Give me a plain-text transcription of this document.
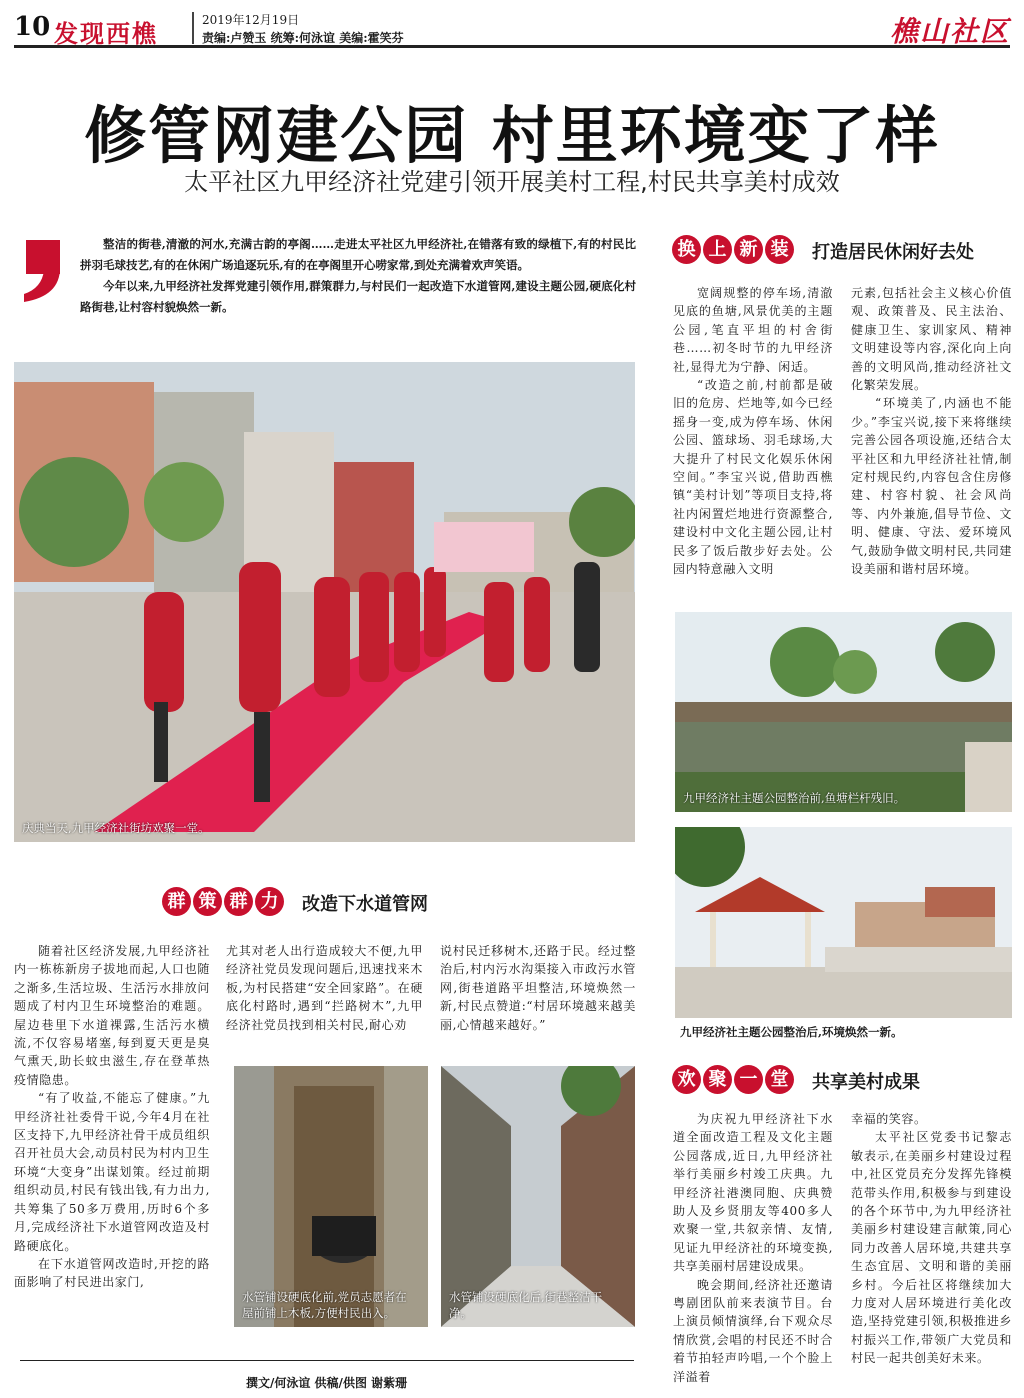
10 发现西樵	2019年12月19日
责编:卢赞玉 统筹:何泳谊 美编:霍笑芬	樵山社区
修管网建公园 村里环境变了样
太平社区九甲经济社党建引领开展美村工程,村民共享美村成效

整洁的街巷,清澈的河水,充满古韵的亭阁……走进太平社区九甲经济社,在错落有致的绿植下,有的村民比拼羽毛球技艺,有的在休闲广场追逐玩乐,有的在亭阁里开心唠家常,到处充满着欢声笑语。

今年以来,九甲经济社发挥党建引领作用,群策群力,与村民们一起改造下水道管网,建设主题公园,硬底化村路街巷,让村容村貌焕然一新。

庆典当天,九甲经济社街坊欢聚一堂。
换 上 新 装	打造居民休闲好去处

宽阔规整的停车场,清澈见底的鱼塘,风景优美的主题公园,笔直平坦的村舍街巷……初冬时节的九甲经济社,显得尤为宁静、闲适。

“改造之前,村前都是破旧的危房、烂地等,如今已经摇身一变,成为停车场、休闲公园、篮球场、羽毛球场,大大提升了村民文化娱乐休闲空间。”李宝兴说,借助西樵镇“美村计划”等项目支持,将社内闲置烂地进行资源整合,建设村中文化主题公园,让村民多了饭后散步好去处。公园内特意融入文明

元素,包括社会主义核心价值观、政策普及、民主法治、健康卫生、家训家风、精神文明建设等内容,深化向上向善的文明风尚,推动经济社文化繁荣发展。

“环境美了,内涵也不能少。”李宝兴说,接下来将继续完善公园各项设施,还结合太平社区和九甲经济社社情,制定村规民约,内容包含住房修建、村容村貌、社会风尚等、内外兼施,倡导节俭、文明、健康、守法、爱环境风气,鼓励争做文明村民,共同建设美丽和谐村居环境。

九甲经济社主题公园整治前,鱼塘栏杆残旧。
九甲经济社主题公园整治后,环境焕然一新。
群 策 群 力	改造下水道管网

随着社区经济发展,九甲经济社内一栋栋新房子拔地而起,人口也随之渐多,生活垃圾、生活污水排放问题成了村内卫生环境整治的难题。屋边巷里下水道裸露,生活污水横流,不仅容易堵塞,每到夏天更是臭气熏天,助长蚊虫滋生,存在登革热疫情隐患。

“有了收益,不能忘了健康。”九甲经济社社委骨干说,今年4月在社区支持下,九甲经济社骨干成员组织召开社员大会,动员村民为村内卫生环境“大变身”出谋划策。经过前期组织动员,村民有钱出钱,有力出力,共筹集了50多万费用,历时6个多月,完成经济社下水道管网改造及村路硬底化。

在下水道管网改造时,开挖的路面影响了村民进出家门,

尤其对老人出行造成较大不便,九甲经济社党员发现问题后,迅速找来木板,为村民搭建“安全回家路”。在硬底化村路时,遇到“拦路树木”,九甲经济社党员找到相关村民,耐心劝

说村民迁移树木,还路于民。经过整治后,村内污水沟渠接入市政污水管网,街巷道路平坦整洁,环境焕然一新,村民点赞道:“村居环境越来越美丽,心情越来越好。”

水管铺设硬底化前,党员志愿者在屋前铺上木板,方便村民出入。
水管铺设硬底化后,街巷整洁干净。
欢 聚 一 堂	共享美村成果

为庆祝九甲经济社下水道全面改造工程及文化主题公园落成,近日,九甲经济社举行美丽乡村竣工庆典。九甲经济社港澳同胞、庆典赞助人及乡贤朋友等400多人欢聚一堂,共叙亲情、友情,见证九甲经济社的环境变换,共享美丽村居建设成果。

晚会期间,经济社还邀请粤剧团队前来表演节目。台上演员倾情演绎,台下观众尽情欣赏,会唱的村民还不时合着节拍轻声吟唱,一个个脸上洋溢着

幸福的笑容。

太平社区党委书记黎志敏表示,在美丽乡村建设过程中,社区党员充分发挥先锋模范带头作用,积极参与到建设的各个环节中,为九甲经济社美丽乡村建设建言献策,同心同力改善人居环境,共建共享生态宜居、文明和谐的美丽乡村。今后社区将继续加大力度对人居环境进行美化改造,坚持党建引领,积极推进乡村振兴工作,带领广大党员和村民一起共创美好未来。

撰文/何泳谊 供稿/供图 谢紫珊
